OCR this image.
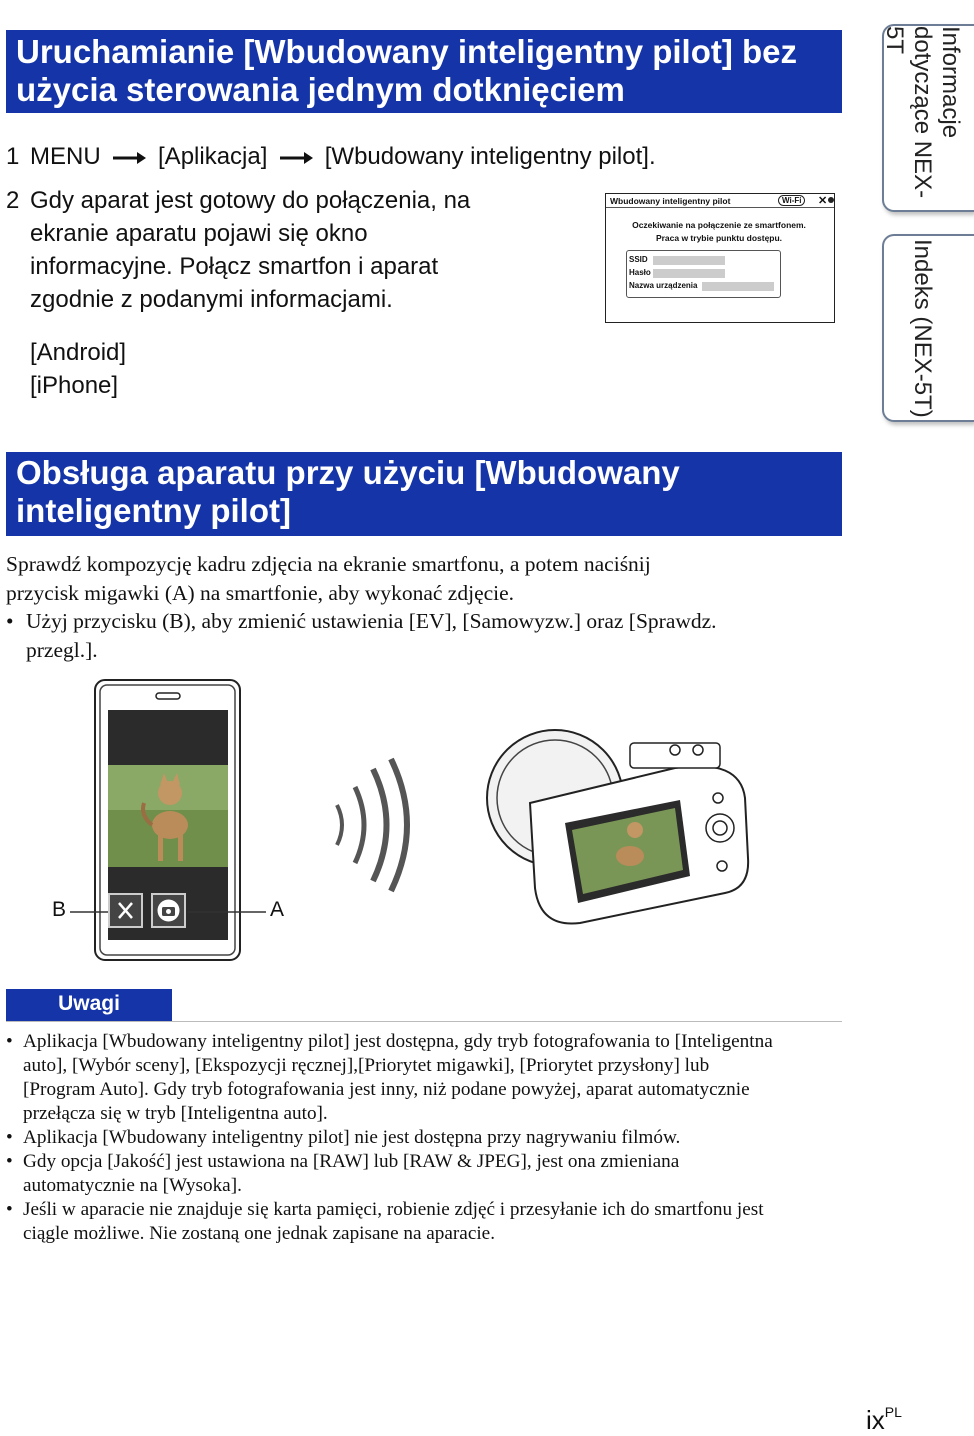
Uruchamianie [Wbudowany inteligentny pilot] bez
użycia sterowania jednym dotknięciem
1 MENU [Aplikacja] [Wbudowany inteligentny pilot].
2 Gdy aparat jest gotowy do połączenia, na
ekranie aparatu pojawi się okno
informacyjne. Połącz smartfon i aparat
zgodnie z podanymi informacjami.
[Android]
[iPhone]
Wbudowany inteligentny pilot	Wi-Fi	✕
Oczekiwanie na połączenie ze smartfonem.
Praca w trybie punktu dostępu.
SSID
Hasło
Nazwa urządzenia
Informacje dotyczące NEX-5T
Indeks (NEX-5T)
Obsługa aparatu przy użyciu [Wbudowany
inteligentny pilot]
Sprawdź kompozycję kadru zdjęcia na ekranie smartfonu, a potem naciśnij
przycisk migawki (A) na smartfonie, aby wykonać zdjęcie.
• Użyj przycisku (B), aby zmienić ustawienia [EV], [Samowyzw.] oraz [Sprawdz.
przegl.].
B	A
Uwagi
• Aplikacja [Wbudowany inteligentny pilot] jest dostępna, gdy tryb fotografowania to [Inteligentna
auto], [Wybór sceny], [Ekspozycji ręcznej],[Priorytet migawki], [Priorytet przysłony] lub
[Program Auto]. Gdy tryb fotografowania jest inny, niż podane powyżej, aparat automatycznie
przełącza się w tryb [Inteligentna auto].
• Aplikacja [Wbudowany inteligentny pilot] nie jest dostępna przy nagrywaniu filmów.
• Gdy opcja [Jakość] jest ustawiona na [RAW] lub [RAW & JPEG], jest ona zmieniana
automatycznie na [Wysoka].
• Jeśli w aparacie nie znajduje się karta pamięci, robienie zdjęć i przesyłanie ich do smartfonu jest
ciągle możliwe. Nie zostaną one jednak zapisane na aparacie.
$ix^{PL}$
